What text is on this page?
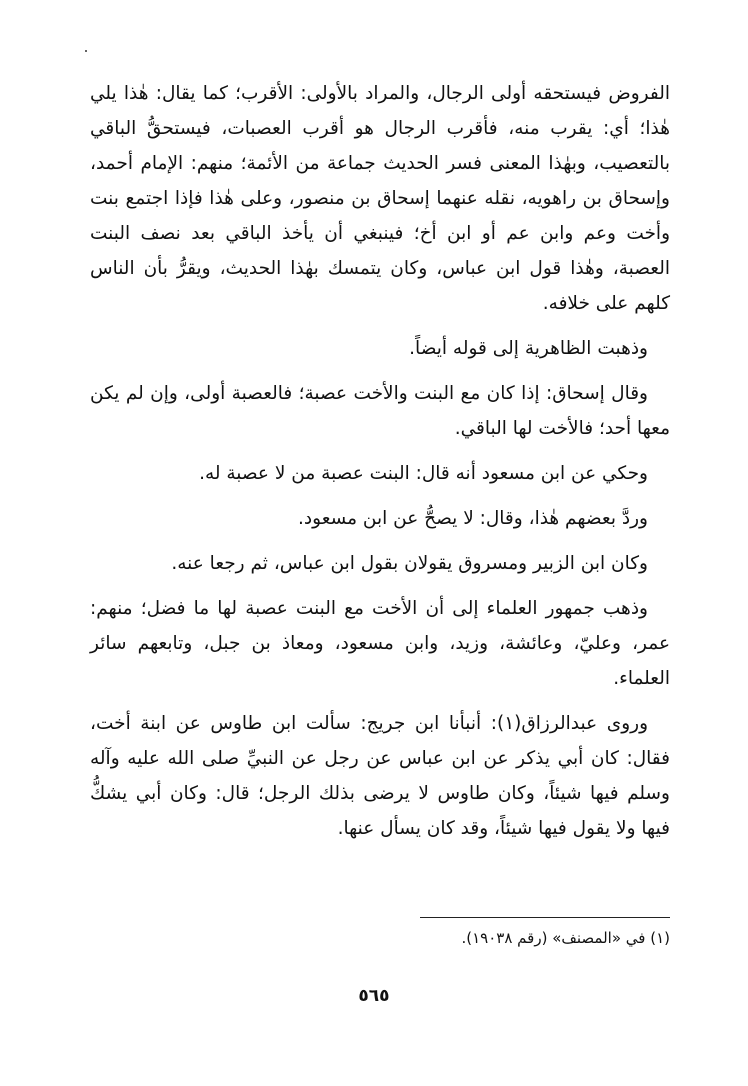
الفروض فيستحقه أولى الرجال، والمراد بالأولى: الأقرب؛ كما يقال: هٰذا يلي هٰذا؛ أي: يقرب منه، فأقرب الرجال هو أقرب العصبات، فيستحقُّ الباقي بالتعصيب، وبهٰذا المعنى فسر الحديث جماعة من الأئمة؛ منهم: الإمام أحمد، وإسحاق بن راهويه، نقله عنهما إسحاق بن منصور، وعلى هٰذا فإذا اجتمع بنت وأخت وعم وابن عم أو ابن أخ؛ فينبغي أن يأخذ الباقي بعد نصف البنت العصبة، وهٰذا قول ابن عباس، وكان يتمسك بهٰذا الحديث، ويقرُّ بأن الناس كلهم على خلافه.

وذهبت الظاهرية إلى قوله أيضاً.

وقال إسحاق: إذا كان مع البنت والأخت عصبة؛ فالعصبة أولى، وإن لم يكن معها أحد؛ فالأخت لها الباقي.

وحكي عن ابن مسعود أنه قال: البنت عصبة من لا عصبة له.

وردَّ بعضهم هٰذا، وقال: لا يصحُّ عن ابن مسعود.

وكان ابن الزبير ومسروق يقولان بقول ابن عباس، ثم رجعا عنه.

وذهب جمهور العلماء إلى أن الأخت مع البنت عصبة لها ما فضل؛ منهم: عمر، وعليّ، وعائشة، وزيد، وابن مسعود، ومعاذ بن جبل، وتابعهم سائر العلماء.

وروى عبدالرزاق(١): أنبأنا ابن جريج: سألت ابن طاوس عن ابنة أخت، فقال: كان أبي يذكر عن ابن عباس عن رجل عن النبيِّ صلى الله عليه وآله وسلم فيها شيئاً، وكان طاوس لا يرضى بذلك الرجل؛ قال: وكان أبي يشكُّ فيها ولا يقول فيها شيئاً، وقد كان يسأل عنها.

(١) في «المصنف» (رقم ١٩٠٣٨).
٥٦٥
